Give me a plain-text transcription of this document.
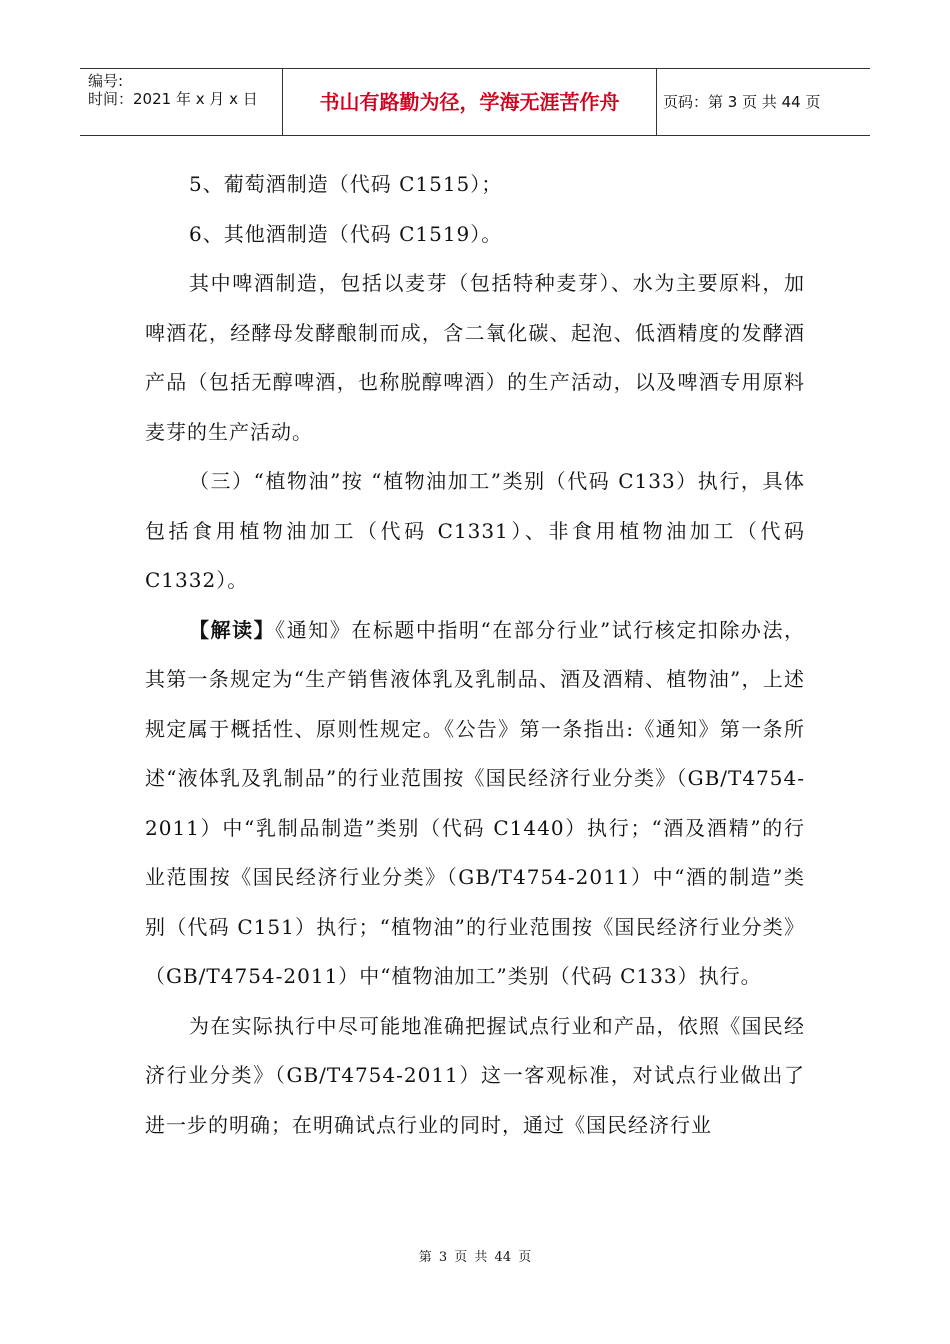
编号:
时间：2021 年 x 月 x 日	书山有路勤为径，学海无涯苦作舟	页码：第 3 页 共 44 页

5、葡萄酒制造（代码 C1515）；

6、其他酒制造（代码 C1519）。

其中啤酒制造，包括以麦芽（包括特种麦芽）、水为主要原料，加啤酒花，经酵母发酵酿制而成，含二氧化碳、起泡、低酒精度的发酵酒产品（包括无醇啤酒，也称脱醇啤酒）的生产活动，以及啤酒专用原料麦芽的生产活动。

（三）“植物油”按 “植物油加工”类别（代码 C133）执行，具体包括食用植物油加工（代码 C1331）、非食用植物油加工（代码 C1332）。

【解读】《通知》在标题中指明“在部分行业”试行核定扣除办法，其第一条规定为“生产销售液体乳及乳制品、酒及酒精、植物油”，上述规定属于概括性、原则性规定。《公告》第一条指出:《通知》第一条所述“液体乳及乳制品”的行业范围按《国民经济行业分类》（GB/T4754-2011）中“乳制品制造”类别（代码 C1440）执行；“酒及酒精”的行业范围按《国民经济行业分类》（GB/T4754-2011）中“酒的制造”类别（代码 C151）执行；“植物油”的行业范围按《国民经济行业分类》（GB/T4754-2011）中“植物油加工”类别（代码 C133）执行。

为在实际执行中尽可能地准确把握试点行业和产品，依照《国民经济行业分类》（GB/T4754-2011）这一客观标准，对试点行业做出了进一步的明确；在明确试点行业的同时，通过《国民经济行业

第 3 页 共 44 页
